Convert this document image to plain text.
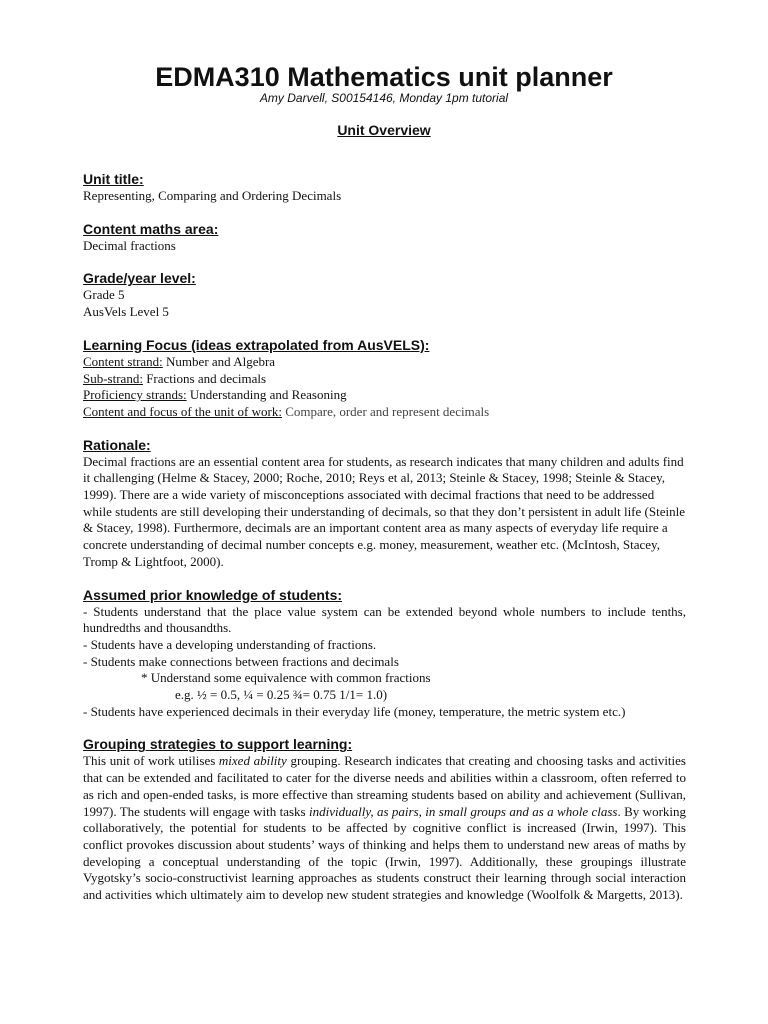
EDMA310 Mathematics unit planner
Amy Darvell, S00154146, Monday 1pm tutorial
Unit Overview
Unit title:
Representing, Comparing and Ordering Decimals
Content maths area:
Decimal fractions
Grade/year level:
Grade 5
AusVels Level 5
Learning Focus (ideas extrapolated from AusVELS):
Content strand: Number and Algebra
Sub-strand: Fractions and decimals
Proficiency strands: Understanding and Reasoning
Content and focus of the unit of work: Compare, order and represent decimals
Rationale:
Decimal fractions are an essential content area for students, as research indicates that many children and adults find it challenging (Helme & Stacey, 2000; Roche, 2010; Reys et al, 2013; Steinle & Stacey, 1998; Steinle & Stacey, 1999). There are a wide variety of misconceptions associated with decimal fractions that need to be addressed while students are still developing their understanding of decimals, so that they don’t persistent in adult life (Steinle & Stacey, 1998). Furthermore, decimals are an important content area as many aspects of everyday life require a concrete understanding of decimal number concepts e.g. money, measurement, weather etc. (McIntosh, Stacey, Tromp & Lightfoot, 2000).
Assumed prior knowledge of students:
- Students understand that the place value system can be extended beyond whole numbers to include tenths, hundredths and thousandths.
- Students have a developing understanding of fractions.
- Students make connections between fractions and decimals
* Understand some equivalence with common fractions
e.g. ½ = 0.5, ¼ = 0.25 ¾= 0.75 1/1= 1.0)
- Students have experienced decimals in their everyday life (money, temperature, the metric system etc.)
Grouping strategies to support learning:
This unit of work utilises mixed ability grouping. Research indicates that creating and choosing tasks and activities that can be extended and facilitated to cater for the diverse needs and abilities within a classroom, often referred to as rich and open-ended tasks, is more effective than streaming students based on ability and achievement (Sullivan, 1997). The students will engage with tasks individually, as pairs, in small groups and as a whole class. By working collaboratively, the potential for students to be affected by cognitive conflict is increased (Irwin, 1997). This conflict provokes discussion about students’ ways of thinking and helps them to understand new areas of maths by developing a conceptual understanding of the topic (Irwin, 1997). Additionally, these groupings illustrate Vygotsky’s socio-constructivist learning approaches as students construct their learning through social interaction and activities which ultimately aim to develop new student strategies and knowledge (Woolfolk & Margetts, 2013).
